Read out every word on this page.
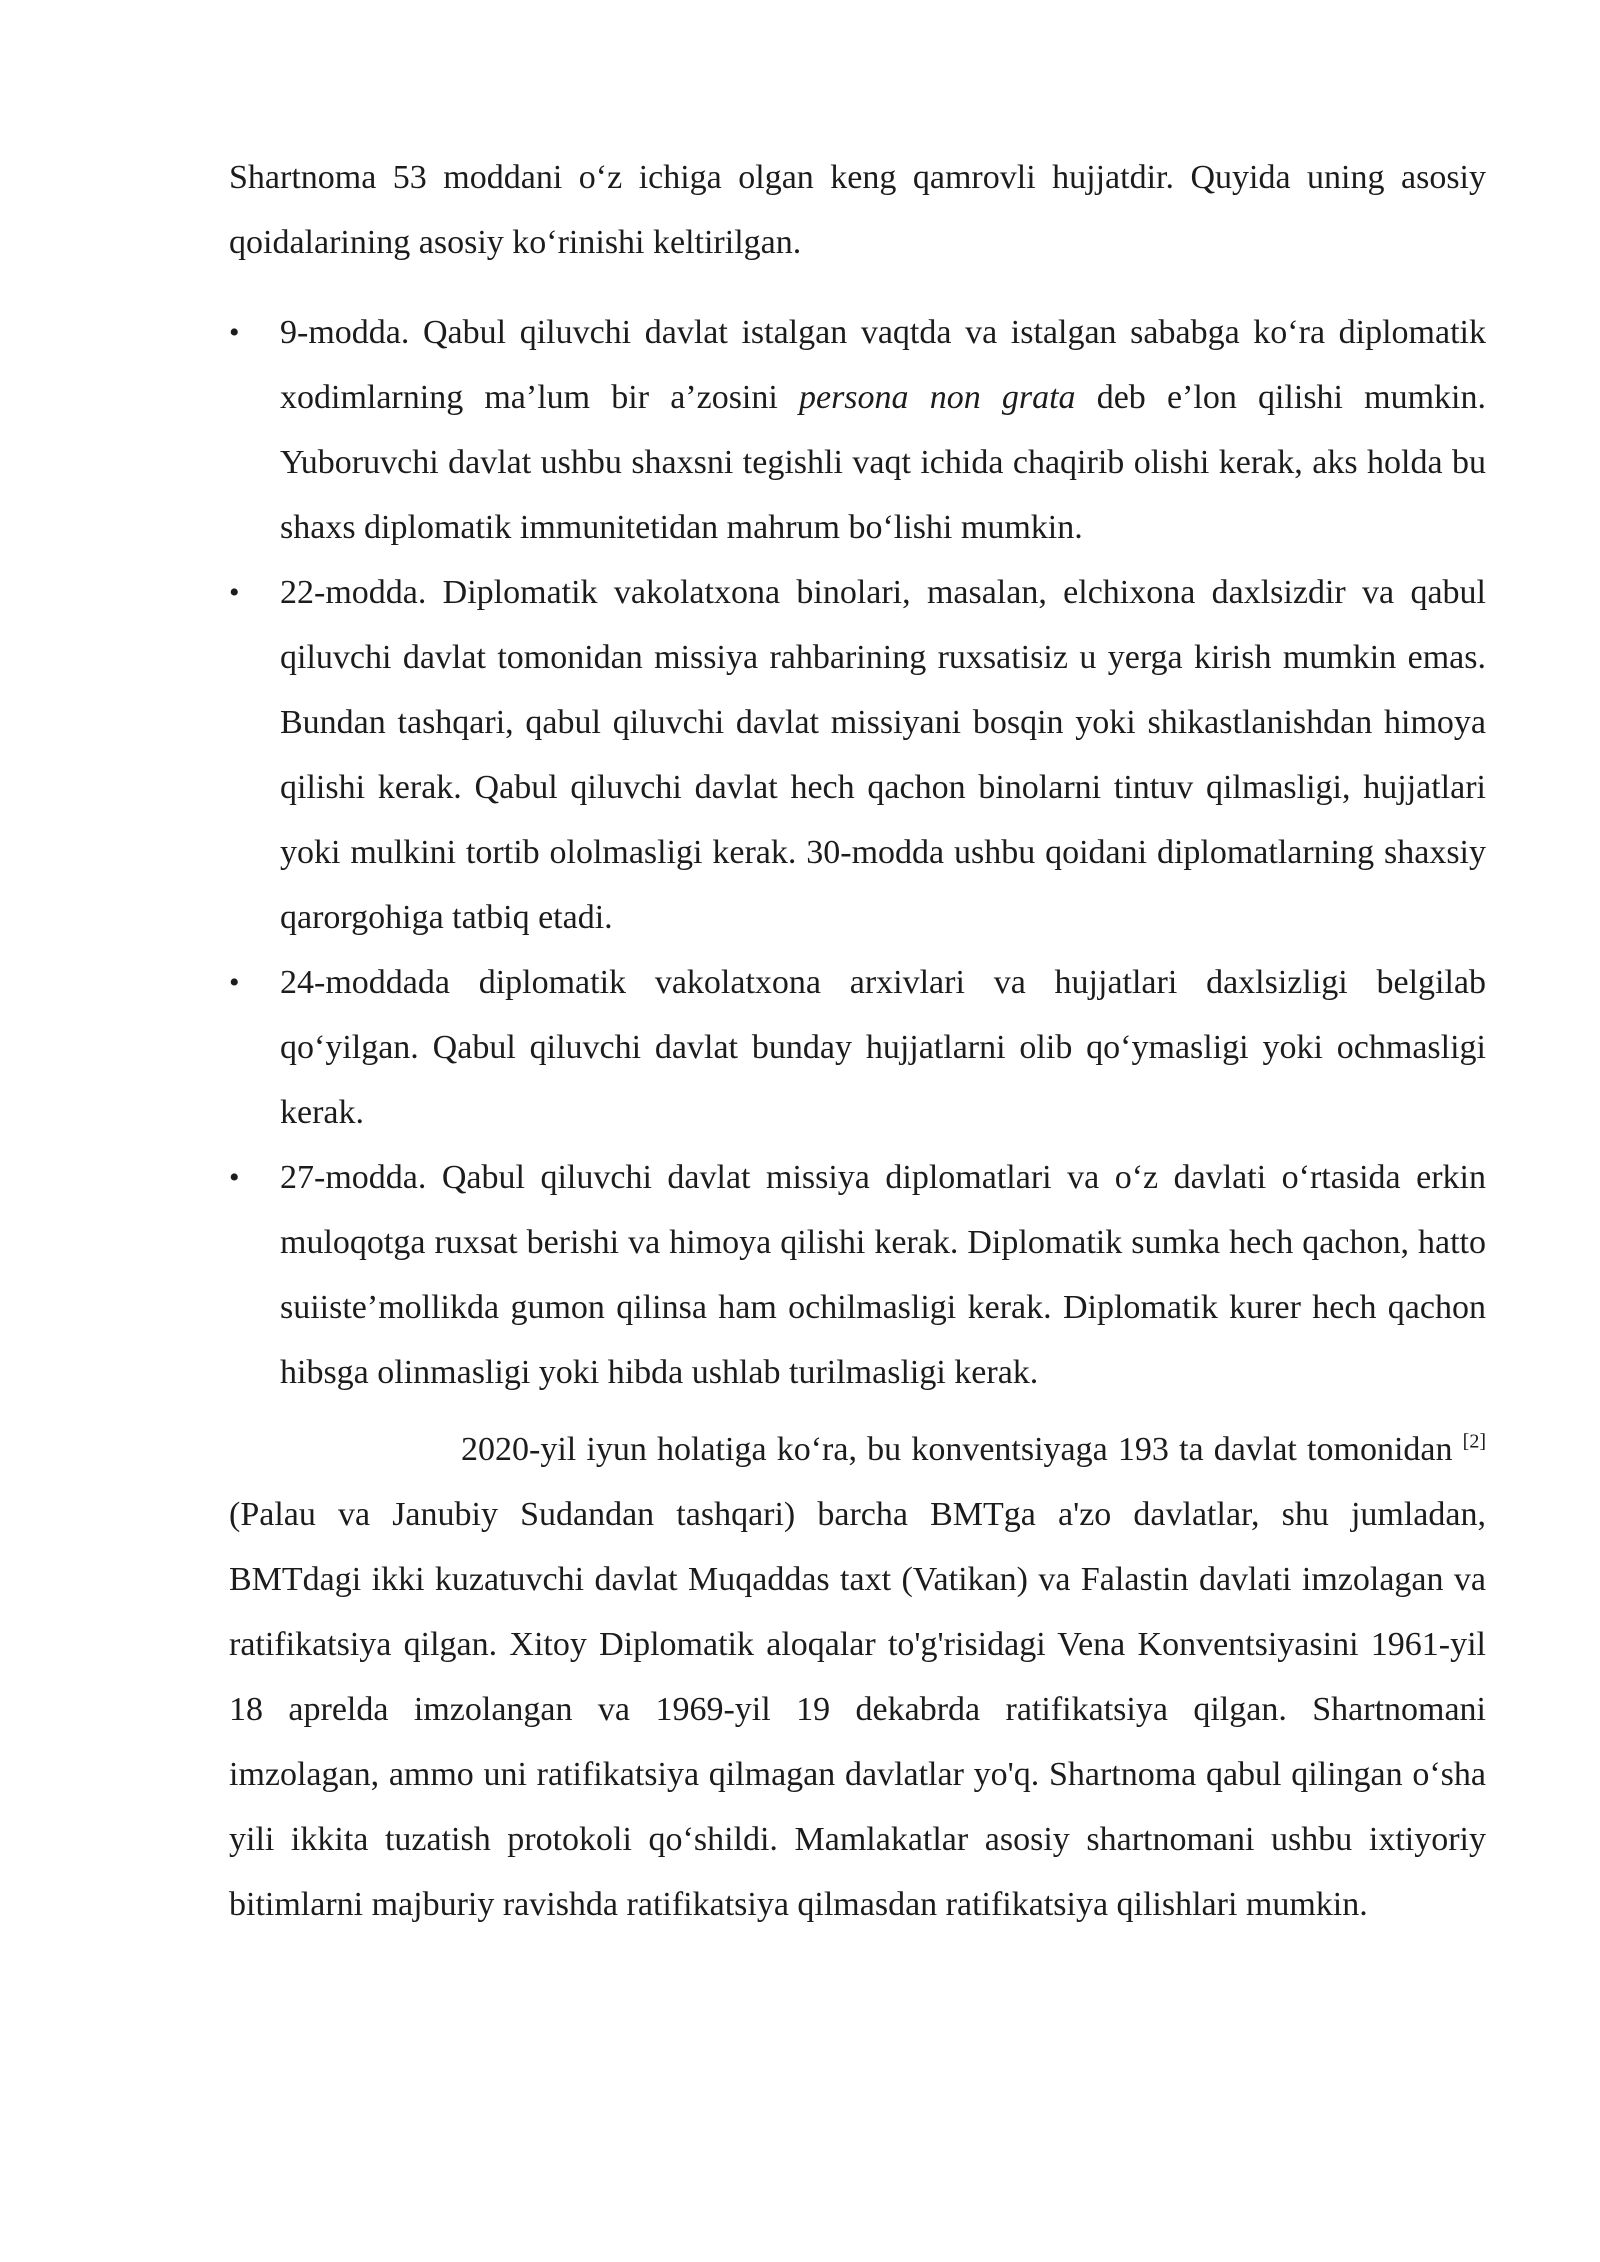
Shartnoma 53 moddani o‘z ichiga olgan keng qamrovli hujjatdir. Quyida uning asosiy qoidalarining asosiy ko‘rinishi keltirilgan.

• 9-modda. Qabul qiluvchi davlat istalgan vaqtda va istalgan sababga ko‘ra diplomatik xodimlarning ma’lum bir a’zosini persona non grata deb e’lon qilishi mumkin. Yuboruvchi davlat ushbu shaxsni tegishli vaqt ichida chaqirib olishi kerak, aks holda bu shaxs diplomatik immunitetidan mahrum bo‘lishi mumkin.
• 22-modda. Diplomatik vakolatxona binolari, masalan, elchixona daxlsizdir va qabul qiluvchi davlat tomonidan missiya rahbarining ruxsatisiz u yerga kirish mumkin emas. Bundan tashqari, qabul qiluvchi davlat missiyani bosqin yoki shikastlanishdan himoya qilishi kerak. Qabul qiluvchi davlat hech qachon binolarni tintuv qilmasligi, hujjatlari yoki mulkini tortib ololmasligi kerak. 30-modda ushbu qoidani diplomatlarning shaxsiy qarorgohiga tatbiq etadi.
• 24-moddada diplomatik vakolatxona arxivlari va hujjatlari daxlsizligi belgilab qo‘yilgan. Qabul qiluvchi davlat bunday hujjatlarni olib qo‘ymasligi yoki ochmasligi kerak.
• 27-modda. Qabul qiluvchi davlat missiya diplomatlari va o‘z davlati o‘rtasida erkin muloqotga ruxsat berishi va himoya qilishi kerak. Diplomatik sumka hech qachon, hatto suiiste’mollikda gumon qilinsa ham ochilmasligi kerak. Diplomatik kurer hech qachon hibsga olinmasligi yoki hibda ushlab turilmasligi kerak.

2020-yil iyun holatiga ko‘ra, bu konventsiyaga 193 ta davlat tomonidan [2] (Palau va Janubiy Sudandan tashqari) barcha BMTga a'zo davlatlar, shu jumladan, BMTdagi ikki kuzatuvchi davlat Muqaddas taxt (Vatikan) va Falastin davlati imzolagan va ratifikatsiya qilgan. Xitoy Diplomatik aloqalar to'g'risidagi Vena Konventsiyasini 1961-yil 18 aprelda imzolangan va 1969-yil 19 dekabrda ratifikatsiya qilgan. Shartnomani imzolagan, ammo uni ratifikatsiya qilmagan davlatlar yo'q. Shartnoma qabul qilingan o‘sha yili ikkita tuzatish protokoli qo‘shildi. Mamlakatlar asosiy shartnomani ushbu ixtiyoriy bitimlarni majburiy ravishda ratifikatsiya qilmasdan ratifikatsiya qilishlari mumkin.
